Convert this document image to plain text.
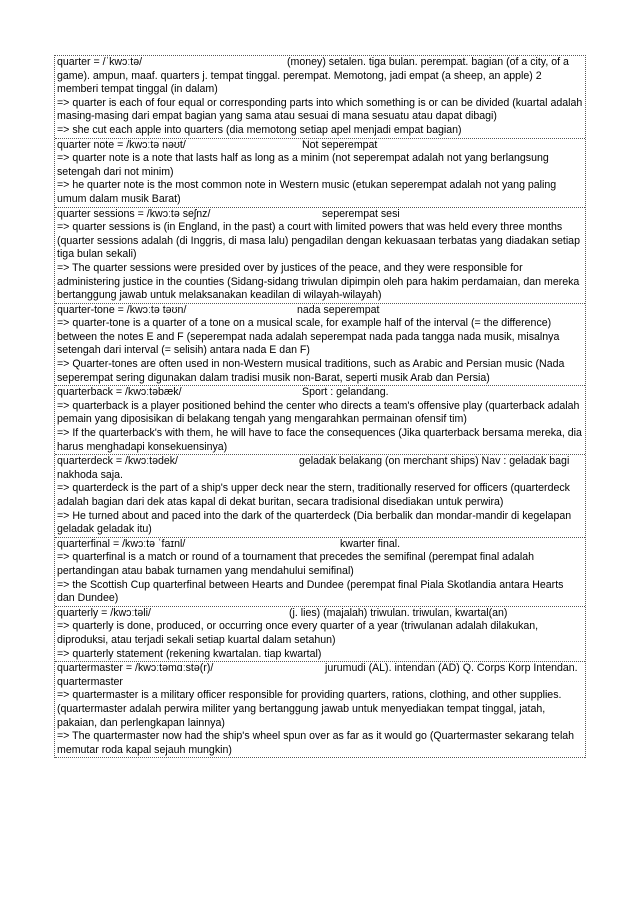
quarter = /ˈkwɔːtə/	(money) setalen. tiga bulan. perempat. bagian (of a city, of a
game). ampun, maaf. quarters j. tempat tinggal. perempat. Memotong, jadi empat (a sheep, an apple) 2 memberi tempat tinggal (in dalam)
=> quarter is each of four equal or corresponding parts into which something is or can be divided (kuartal adalah masing-masing dari empat bagian yang sama atau sesuai di mana sesuatu atau dapat dibagi)
=> she cut each apple into quarters (dia memotong setiap apel menjadi empat bagian)
quarter note = /kwɔːtə nəʊt/	Not seperempat
=> quarter note is a note that lasts half as long as a minim (not seperempat adalah not yang berlangsung setengah dari not minim)
=> he quarter note is the most common note in Western music (etukan seperempat adalah not yang paling umum dalam musik Barat)
quarter sessions = /kwɔːtə seʃnz/	seperempat sesi
=> quarter sessions is (in England, in the past) a court with limited powers that was held every three months (quarter sessions adalah (di Inggris, di masa lalu) pengadilan dengan kekuasaan terbatas yang diadakan setiap tiga bulan sekali)
=> The quarter sessions were presided over by justices of the peace, and they were responsible for administering justice in the counties (Sidang-sidang triwulan dipimpin oleh para hakim perdamaian, dan mereka bertanggung jawab untuk melaksanakan keadilan di wilayah-wilayah)
quarter-tone = /kwɔːtə təʊn/	nada seperempat
=> quarter-tone is a quarter of a tone on a musical scale, for example half of the interval (= the difference) between the notes E and F (seperempat nada adalah seperempat nada pada tangga nada musik, misalnya setengah dari interval (= selisih) antara nada E dan F)
=> Quarter-tones are often used in non-Western musical traditions, such as Arabic and Persian music (Nada seperempat sering digunakan dalam tradisi musik non-Barat, seperti musik Arab dan Persia)
quarterback = /kwɔːtəbæk/	Sport : gelandang.
=> quarterback is a player positioned behind the center who directs a team's offensive play (quarterback adalah pemain yang diposisikan di belakang tengah yang mengarahkan permainan ofensif tim)
=> If the quarterback's with them, he will have to face the consequences (Jika quarterback bersama mereka, dia harus menghadapi konsekuensinya)
quarterdeck = /kwɔːtədek/	geladak belakang (on merchant ships) Nav : geladak bagi
nakhoda saja.
=> quarterdeck is the part of a ship's upper deck near the stern, traditionally reserved for officers (quarterdeck adalah bagian dari dek atas kapal di dekat buritan, secara tradisional disediakan untuk perwira)
=> He turned about and paced into the dark of the quarterdeck (Dia berbalik dan mondar-mandir di kegelapan geladak geladak itu)
quarterfinal = /kwɔːtə ˈfaɪnl/	kwarter final.
=> quarterfinal is a match or round of a tournament that precedes the semifinal (perempat final adalah pertandingan atau babak turnamen yang mendahului semifinal)
=> the Scottish Cup quarterfinal between Hearts and Dundee (perempat final Piala Skotlandia antara Hearts dan Dundee)
quarterly = /kwɔːtəli/	(j. lies) (majalah) triwulan. triwulan, kwartal(an)
=> quarterly is done, produced, or occurring once every quarter of a year (triwulanan adalah dilakukan, diproduksi, atau terjadi sekali setiap kuartal dalam setahun)
=> quarterly statement (rekening kwartalan. tiap kwartal)
quartermaster = /kwɔːtəmɑːstə(r)/	jurumudi (AL). intendan (AD) Q. Corps Korp Intendan.
quartermaster
=> quartermaster is a military officer responsible for providing quarters, rations, clothing, and other supplies. (quartermaster adalah perwira militer yang bertanggung jawab untuk menyediakan tempat tinggal, jatah, pakaian, dan perlengkapan lainnya)
=> The quartermaster now had the ship's wheel spun over as far as it would go (Quartermaster sekarang telah memutar roda kapal sejauh mungkin)
